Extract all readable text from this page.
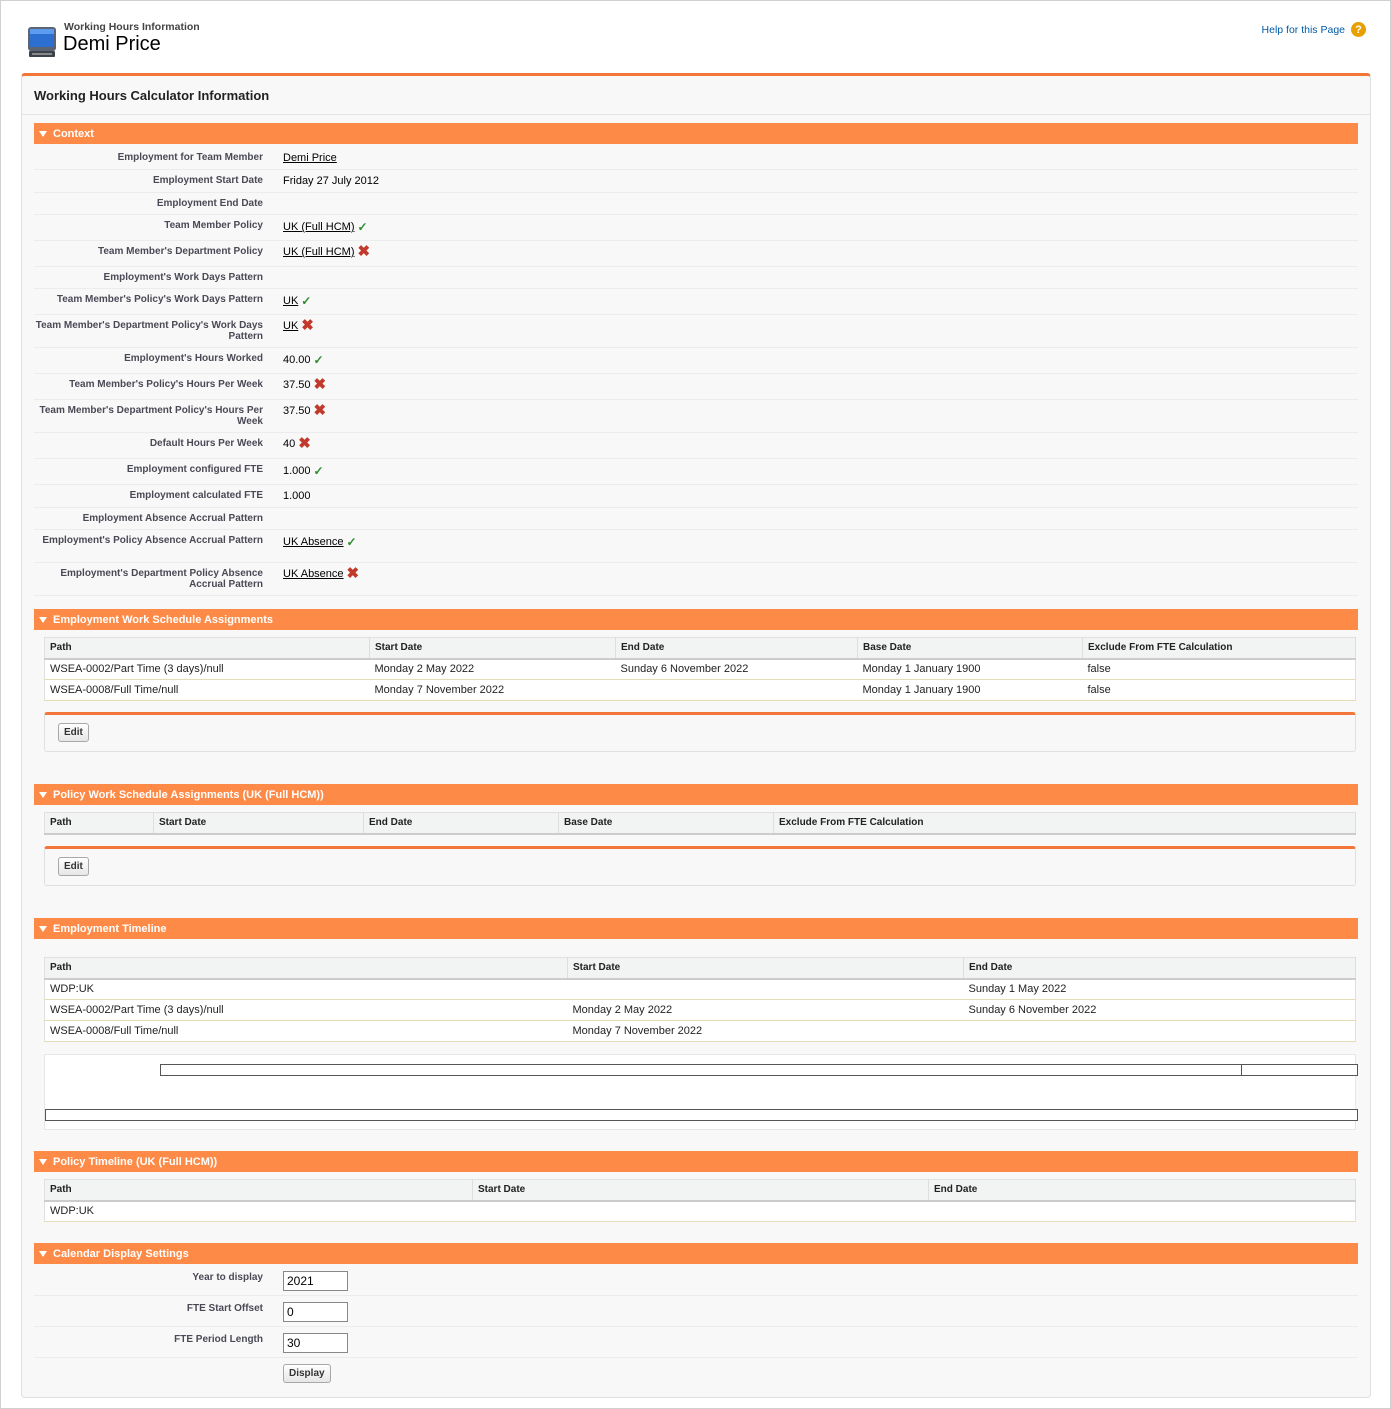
Working Hours Information
Demi Price
Help for this Page ?
Working Hours Calculator Information
Context
Employment for Team Member Demi Price
Employment Start Date Friday 27 July 2012
Employment End Date
Team Member Policy UK (Full HCM) ✓
Team Member's Department Policy UK (Full HCM) ✖
Employment's Work Days Pattern
Team Member's Policy's Work Days Pattern UK ✓
Team Member's Department Policy's Work Days Pattern
UK ✖
Employment's Hours Worked 40.00 ✓
Team Member's Policy's Hours Per Week 37.50 ✖
Team Member's Department Policy's Hours Per Week
37.50 ✖
Default Hours Per Week 40 ✖
Employment configured FTE 1.000 ✓
Employment calculated FTE 1.000
Employment Absence Accrual Pattern
Employment's Policy Absence Accrual Pattern UK Absence ✓
Employment's Department Policy Absence Accrual Pattern
UK Absence ✖
Employment Work Schedule Assignments
Path	Start Date	End Date	Base Date	Exclude From FTE Calculation
WSEA-0002/Part Time (3 days)/null	Monday 2 May 2022	Sunday 6 November 2022	Monday 1 January 1900	false
WSEA-0008/Full Time/null	Monday 7 November 2022		Monday 1 January 1900	false
Edit
Policy Work Schedule Assignments (UK (Full HCM))
Path	Start Date	End Date	Base Date	Exclude From FTE Calculation
Edit
Employment Timeline
Path	Start Date	End Date
WDP:UK		Sunday 1 May 2022
WSEA-0002/Part Time (3 days)/null	Monday 2 May 2022	Sunday 6 November 2022
WSEA-0008/Full Time/null	Monday 7 November 2022	
Policy Timeline (UK (Full HCM))
Path	Start Date	End Date
WDP:UK		
Calendar Display Settings
Year to display
2021
FTE Start Offset
0
FTE Period Length
30
Display
